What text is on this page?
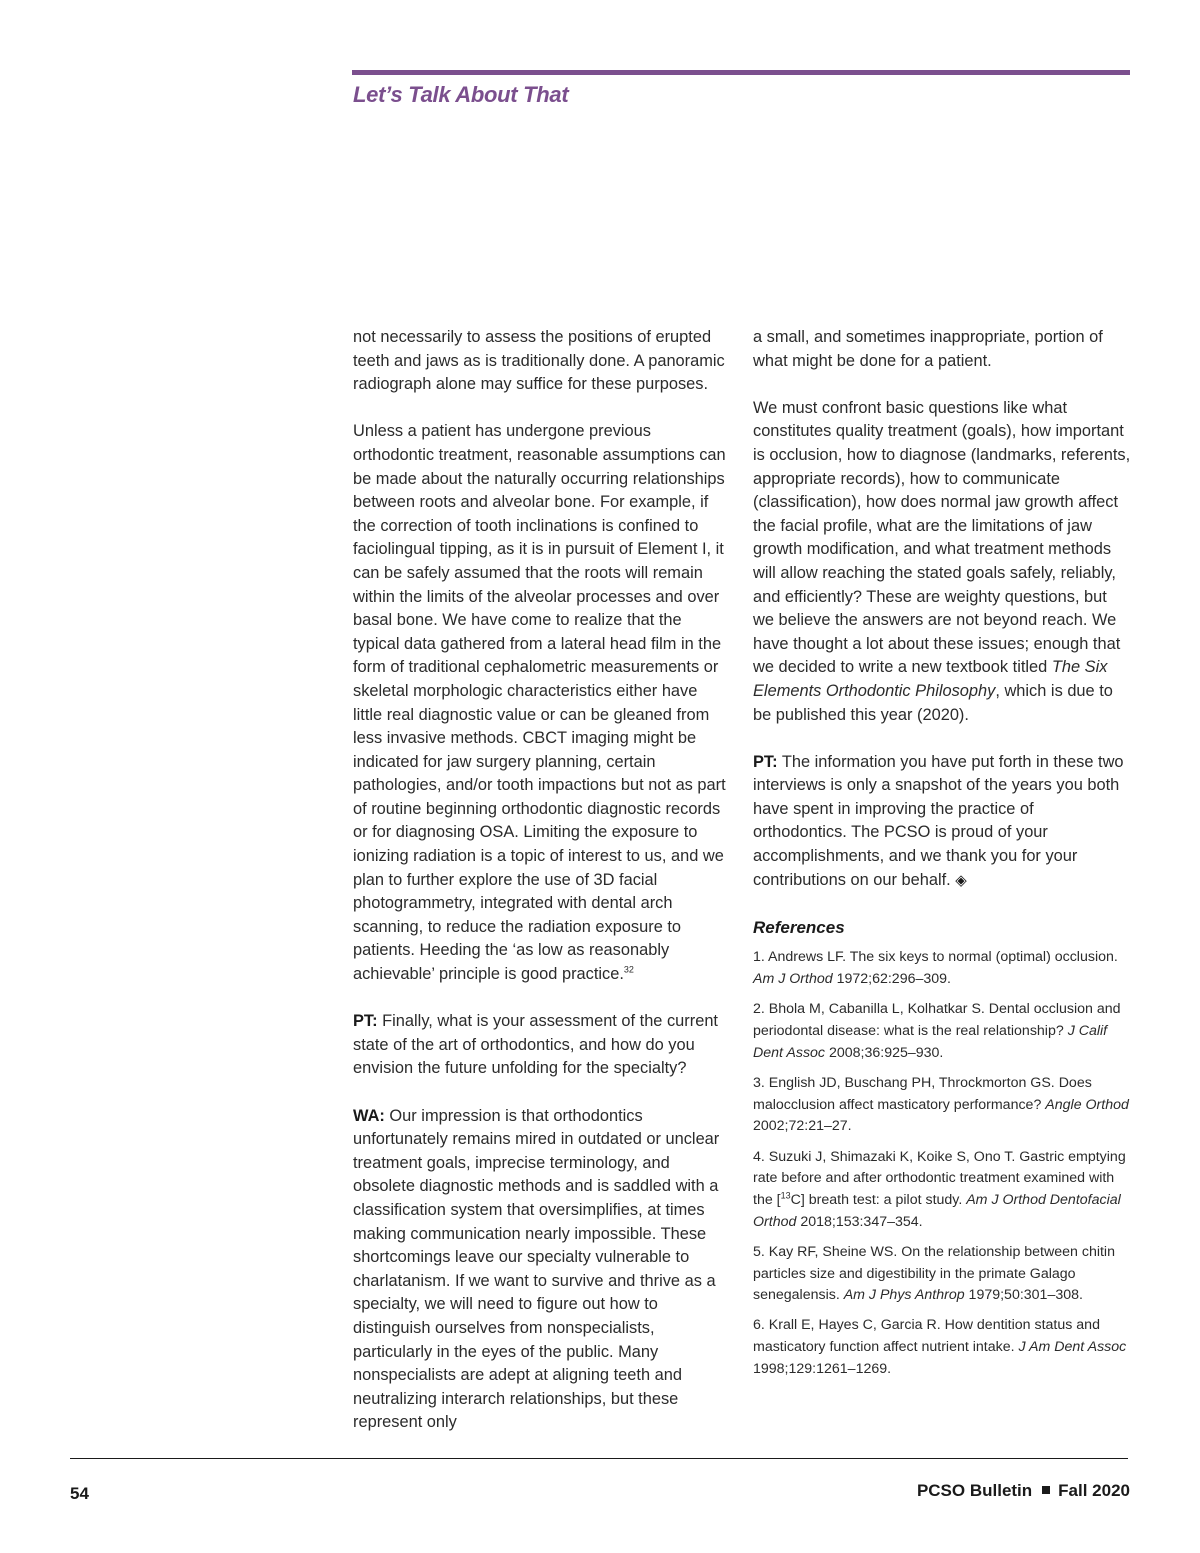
Let’s Talk About That

not necessarily to assess the positions of erupted teeth and jaws as is traditionally done. A panoramic radiograph alone may suffice for these purposes.

Unless a patient has undergone previous orthodontic treatment, reasonable assumptions can be made about the naturally occurring relationships between roots and alveolar bone. For example, if the correction of tooth inclinations is confined to faciolingual tipping, as it is in pursuit of Element I, it can be safely assumed that the roots will remain within the limits of the alveolar processes and over basal bone. We have come to realize that the typical data gathered from a lateral head film in the form of traditional cephalometric measurements or skeletal morphologic characteristics either have little real diagnostic value or can be gleaned from less invasive methods. CBCT imaging might be indicated for jaw surgery planning, certain pathologies, and/or tooth impactions but not as part of routine beginning orthodontic diagnostic records or for diagnosing OSA. Limiting the exposure to ionizing radiation is a topic of interest to us, and we plan to further explore the use of 3D facial photogrammetry, integrated with dental arch scanning, to reduce the radiation exposure to patients. Heeding the ‘as low as reasonably achievable’ principle is good practice.$^{32}$

PT: Finally, what is your assessment of the current state of the art of orthodontics, and how do you envision the future unfolding for the specialty?

WA: Our impression is that orthodontics unfortunately remains mired in outdated or unclear treatment goals, imprecise terminology, and obsolete diagnostic methods and is saddled with a classification system that oversimplifies, at times making communication nearly impossible. These shortcomings leave our specialty vulnerable to charlatanism. If we want to survive and thrive as a specialty, we will need to figure out how to distinguish ourselves from nonspecialists, particularly in the eyes of the public. Many nonspecialists are adept at aligning teeth and neutralizing interarch relationships, but these represent only

a small, and sometimes inappropriate, portion of what might be done for a patient.

We must confront basic questions like what constitutes quality treatment (goals), how important is occlusion, how to diagnose (landmarks, referents, appropriate records), how to communicate (classification), how does normal jaw growth affect the facial profile, what are the limitations of jaw growth modification, and what treatment methods will allow reaching the stated goals safely, reliably, and efficiently? These are weighty questions, but we believe the answers are not beyond reach. We have thought a lot about these issues; enough that we decided to write a new textbook titled The Six Elements Orthodontic Philosophy, which is due to be published this year (2020).

PT: The information you have put forth in these two interviews is only a snapshot of the years you both have spent in improving the practice of orthodontics. The PCSO is proud of your accomplishments, and we thank you for your contributions on our behalf. ◈

References
1. Andrews LF. The six keys to normal (optimal) occlusion. Am J Orthod 1972;62:296–309.
2. Bhola M, Cabanilla L, Kolhatkar S. Dental occlusion and periodontal disease: what is the real relationship? J Calif Dent Assoc 2008;36:925–930.
3. English JD, Buschang PH, Throckmorton GS. Does malocclusion affect masticatory performance? Angle Orthod 2002;72:21–27.
4. Suzuki J, Shimazaki K, Koike S, Ono T. Gastric emptying rate before and after orthodontic treatment examined with the [$^{13}$C] breath test: a pilot study. Am J Orthod Dentofacial Orthod 2018;153:347–354.
5. Kay RF, Sheine WS. On the relationship between chitin particles size and digestibility in the primate Galago senegalensis. Am J Phys Anthrop 1979;50:301–308.
6. Krall E, Hayes C, Garcia R. How dentition status and masticatory function affect nutrient intake. J Am Dent Assoc 1998;129:1261–1269.
54	PCSO Bulletin Fall 2020
